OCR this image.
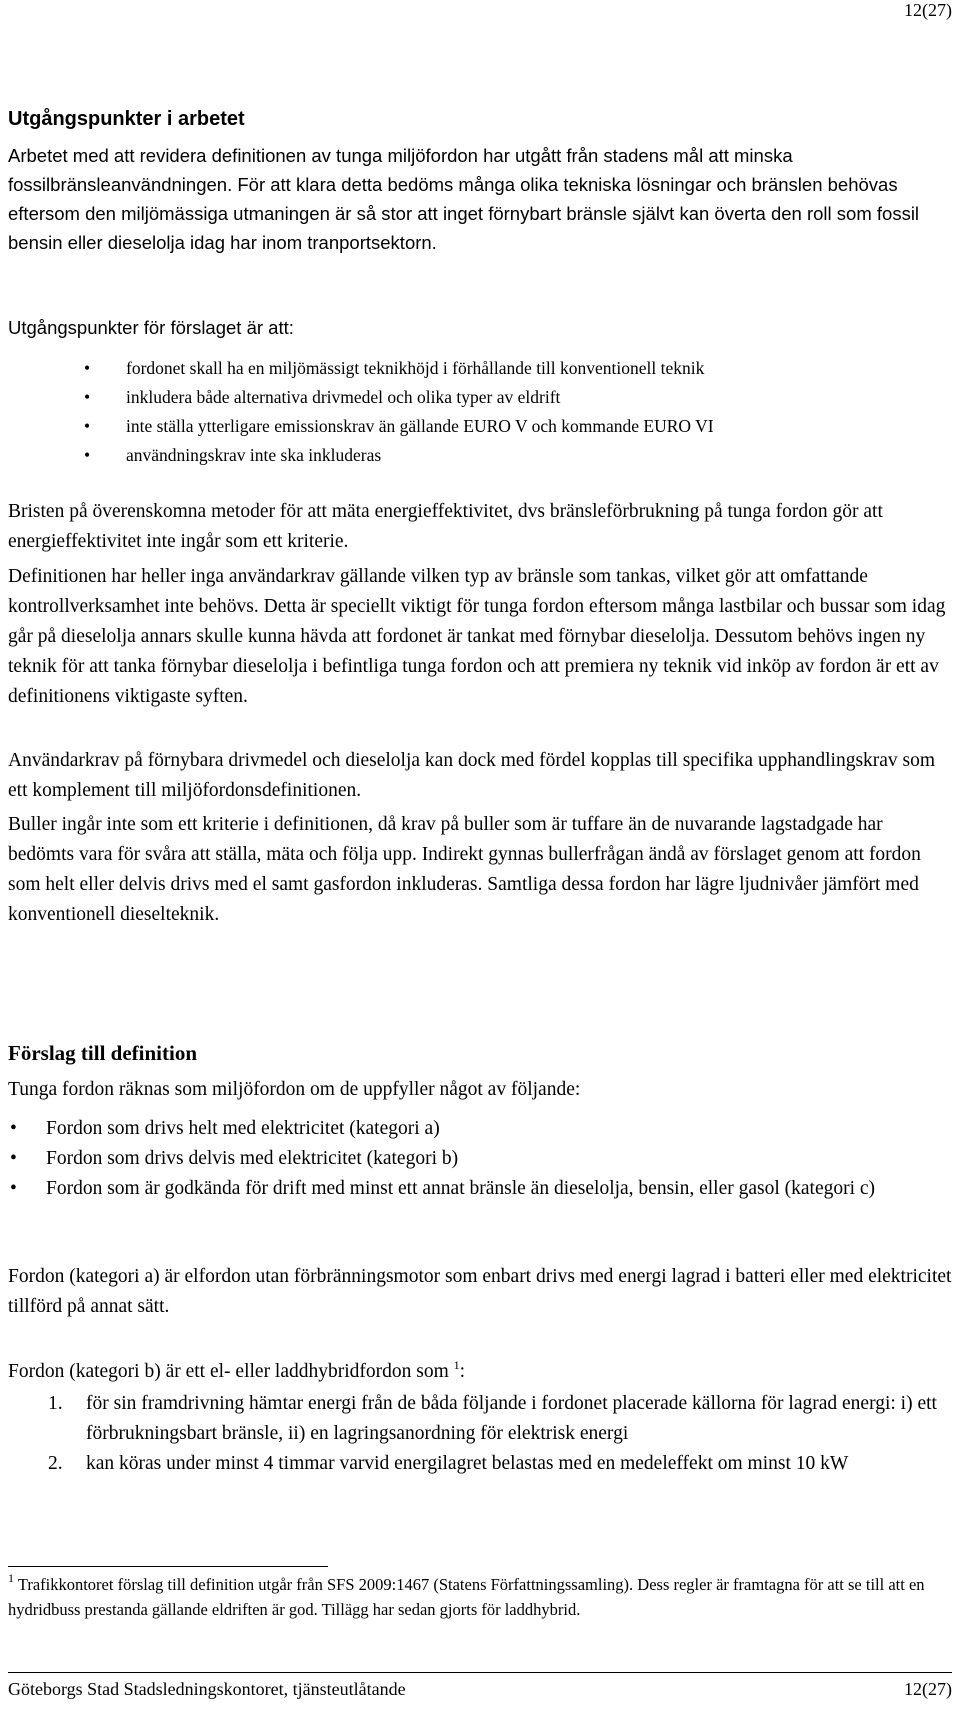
12(27)
Utgångspunkter i arbetet

Arbetet med att revidera definitionen av tunga miljöfordon har utgått från stadens mål att minska fossilbränsleanvändningen. För att klara detta bedöms många olika tekniska lösningar och bränslen behövas eftersom den miljömässiga utmaningen är så stor att inget förnybart bränsle självt kan överta den roll som fossil bensin eller dieselolja idag har inom tranportsektorn.

Utgångspunkter för förslaget är att:

• fordonet skall ha en miljömässigt teknikhöjd i förhållande till konventionell teknik
• inkludera både alternativa drivmedel och olika typer av eldrift
• inte ställa ytterligare emissionskrav än gällande EURO V och kommande EURO VI
• användningskrav inte ska inkluderas

Bristen på överenskomna metoder för att mäta energieffektivitet, dvs bränsleförbrukning på tunga fordon gör att energieffektivitet inte ingår som ett kriterie.

Definitionen har heller inga användarkrav gällande vilken typ av bränsle som tankas, vilket gör att omfattande kontrollverksamhet inte behövs. Detta är speciellt viktigt för tunga fordon eftersom många lastbilar och bussar som idag går på dieselolja annars skulle kunna hävda att fordonet är tankat med förnybar dieselolja. Dessutom behövs ingen ny teknik för att tanka förnybar dieselolja i befintliga tunga fordon och att premiera ny teknik vid inköp av fordon är ett av definitionens viktigaste syften.

Användarkrav på förnybara drivmedel och dieselolja kan dock med fördel kopplas till specifika upphandlingskrav som ett komplement till miljöfordonsdefinitionen.

Buller ingår inte som ett kriterie i definitionen, då krav på buller som är tuffare än de nuvarande lagstadgade har bedömts vara för svåra att ställa, mäta och följa upp. Indirekt gynnas bullerfrågan ändå av förslaget genom att fordon som helt eller delvis drivs med el samt gasfordon inkluderas. Samtliga dessa fordon har lägre ljudnivåer jämfört med konventionell dieselteknik.

Förslag till definition

Tunga fordon räknas som miljöfordon om de uppfyller något av följande:

• Fordon som drivs helt med elektricitet (kategori a)
• Fordon som drivs delvis med elektricitet (kategori b)
• Fordon som är godkända för drift med minst ett annat bränsle än dieselolja, bensin, eller gasol (kategori c)

Fordon (kategori a) är elfordon utan förbränningsmotor som enbart drivs med energi lagrad i batteri eller med elektricitet tillförd på annat sätt.

Fordon (kategori b) är ett el- eller laddhybridfordon som $^1$:

1. för sin framdrivning hämtar energi från de båda följande i fordonet placerade källorna för lagrad energi: i) ett förbrukningsbart bränsle, ii) en lagringsanordning för elektrisk energi
2. kan köras under minst 4 timmar varvid energilagret belastas med en medeleffekt om minst 10 kW

$^1$ Trafikkontoret förslag till definition utgår från SFS 2009:1467 (Statens Författningssamling). Dess regler är framtagna för att se till att en hydridbuss prestanda gällande eldriften är god. Tillägg har sedan gjorts för laddhybrid.

Göteborgs Stad Stadsledningskontoret, tjänsteutlåtande	12(27)
